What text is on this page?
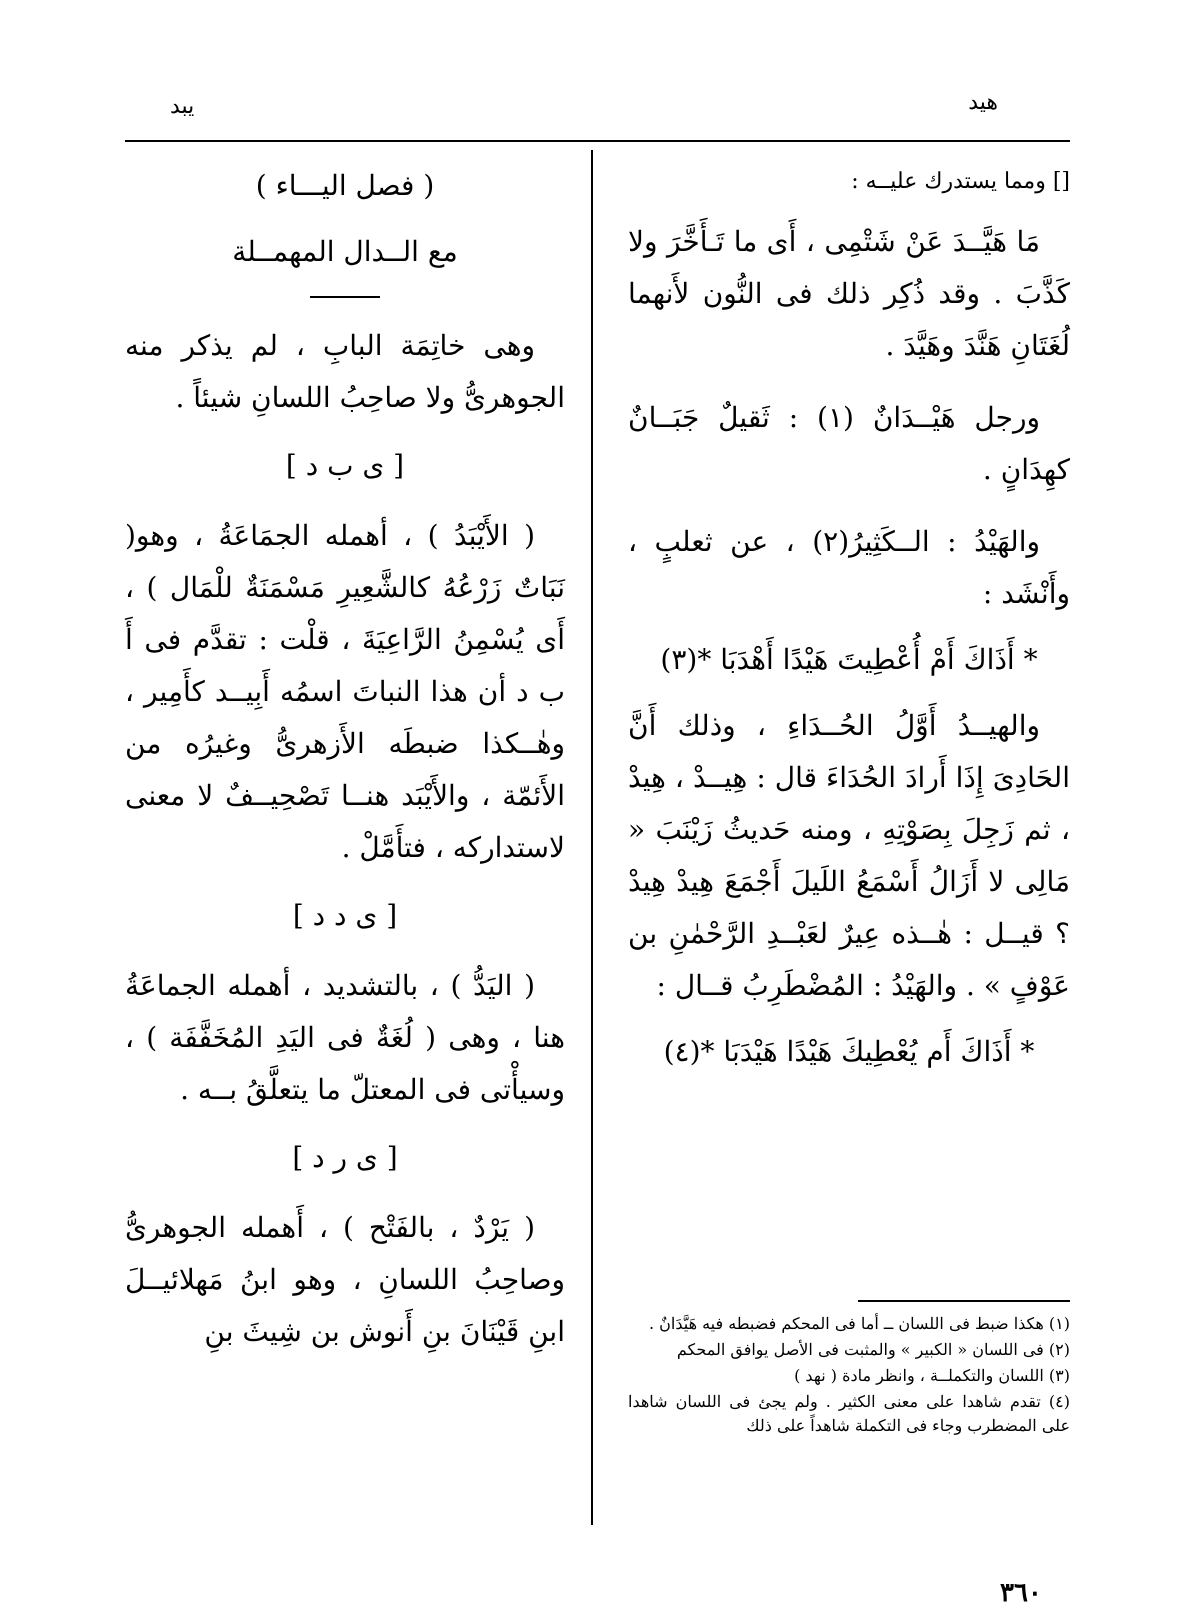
هيد
يبد

[] ومما يستدرك عليــه :

مَا هَيَّــدَ عَنْ شَتْمِى ، أَى ما تَـأَخَّرَ ولا كَذَّبَ . وقد ذُكِر ذلك فى النُّون لأَنهما لُغَتَانِ هَنَّدَ وهَيَّدَ .

ورجل هَيْــدَانٌ (١) : ثَقيلٌ جَبَــانٌ كهِدَانٍ .

والهَيْدُ : الــكَثِيرُ(٢) ، عن ثعلبٍ ، وأَنْشَد :

* أَذَاكَ أَمْ أُعْطِيتَ هَيْدًا أَهْدَبَا *(٣)

والهيــدُ أَوَّلُ الحُــدَاءِ ، وذلك أَنَّ الحَادِىَ إِذَا أَرادَ الحُدَاءَ قال : هِيــدْ ، هِيدْ ، ثم زَجِلَ بِصَوْتِهِ ، ومنه حَديثُ زَيْنَبَ « مَالِى لا أَزَالُ أَسْمَعُ اللَيلَ أَجْمَعَ هِيدْ هِيدْ ؟ قيــل : هٰــذه عِيرٌ لعَبْــدِ الرَّحْمٰنِ بن عَوْفٍ » . والهَيْدُ : المُضْطَرِبُ قــال :

* أَذَاكَ أَم يُعْطِيكَ هَيْدًا هَيْدَبَا *(٤)

(١) هكذا ضبط فى اللسان ــ أما فى المحكم فضبطه فيه هَيَّدَانٌ .

(٢) فى اللسان « الكبير » والمثبت فى الأصل يوافق المحكم

(٣) اللسان والتكملــة ، وانظر مادة ( نهد )

(٤) تقدم شاهدا على معنى الكثير . ولم يجئ فى اللسان شاهدا على المضطرب وجاء فى التكملة شاهداً على ذلك

( فصل اليـــاء )

مع الــدال المهمــلة

وهى خاتِمَة البابِ ، لم يذكر منه الجوهرىُّ ولا صاحِبُ اللسانِ شيئاً .

[ ى ب د ]

( الأَيْبَدُ ) ، أهمله الجمَاعَةُ ، وهو( نَبَاتٌ زَرْعُهُ كالشَّعِيرِ مَسْمَنَةٌ للْمَال ) ، أَى يُسْمِنُ الرَّاعِيَةَ ، قلْت : تقدَّم فى أَ ب د أن هذا النباتَ اسمُه أَبِيــد كأَمِير ، وهٰــكذا ضبطَه الأَزهرىُّ وغيرُه من الأَئمّة ، والأَيْبَد هنــا تَصْحِيــفٌ لا معنى لاستداركه ، فتأَمَّلْ .

[ ى د د ]

( اليَدُّ ) ، بالتشديد ، أهمله الجماعَةُ هنا ، وهى ( لُغَةٌ فى اليَدِ المُخَفَّفَة ) ، وسيأْتى فى المعتلّ ما يتعلَّقُ بــه .

[ ى ر د ]

( يَرْدٌ ، بالفَتْح ) ، أَهمله الجوهرىُّ وصاحِبُ اللسانِ ، وهو ابنُ مَهلائيــلَ ابنِ قَيْنَانَ بنِ أَنوش بن شِيثَ بنِ

٣٦٠
